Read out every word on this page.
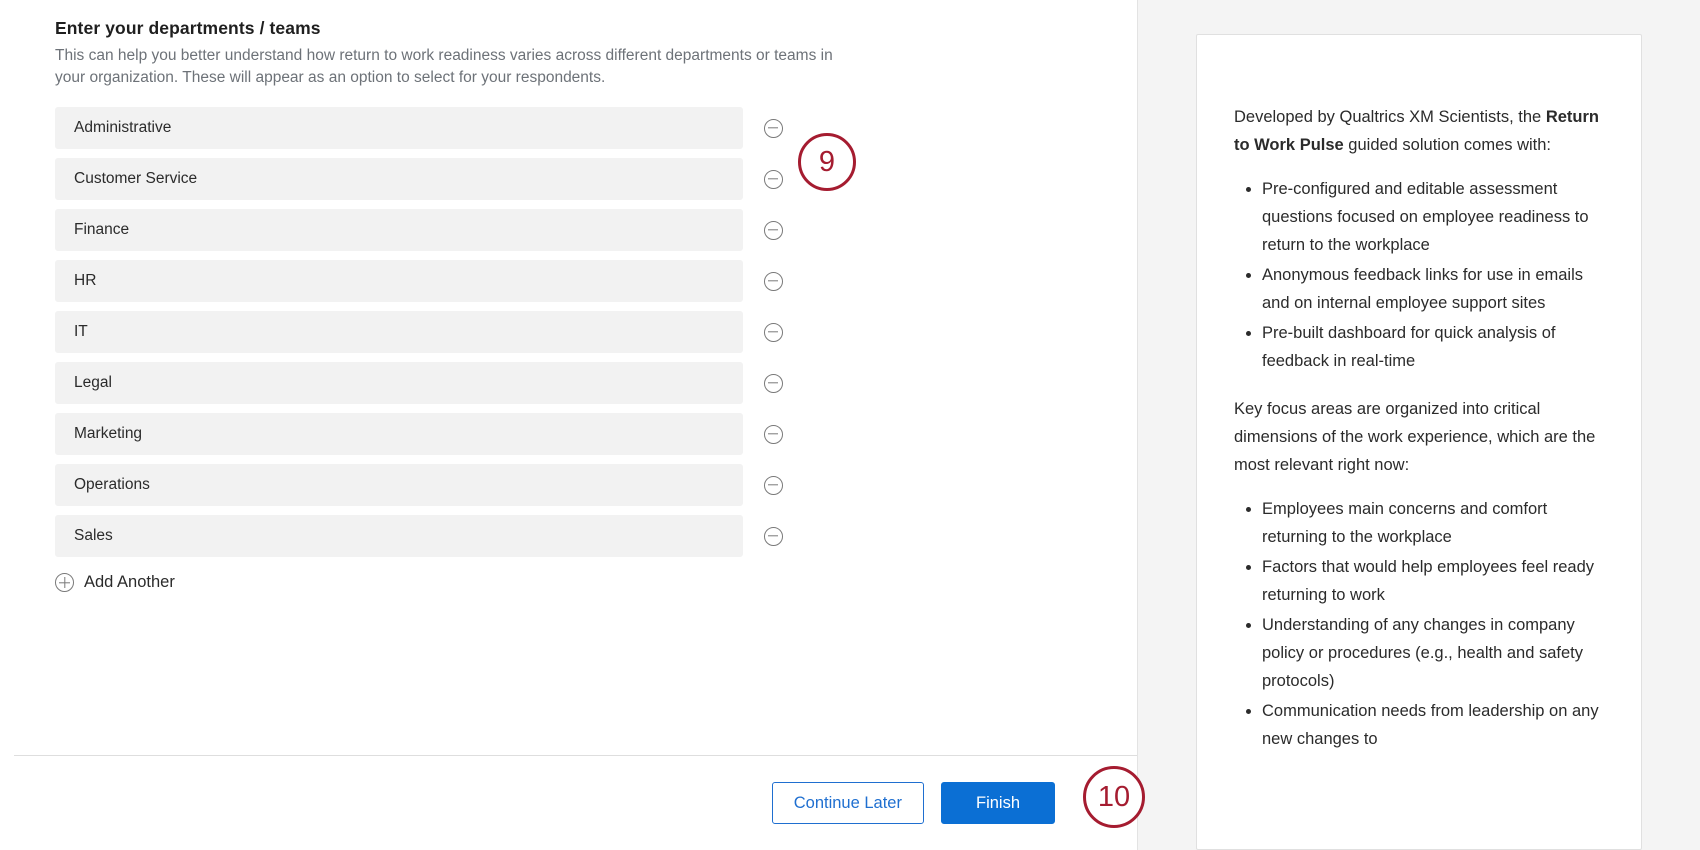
Enter your departments / teams

This can help you better understand how return to work readiness varies across different departments or teams in your organization. These will appear as an option to select for your respondents.

Administrative
Customer Service
Finance
HR
IT
Legal
Marketing
Operations
Sales
Add Another
Continue Later	Finish

Developed by Qualtrics XM Scientists, the Return to Work Pulse guided solution comes with:

• Pre-configured and editable assessment questions focused on employee readiness to return to the workplace
• Anonymous feedback links for use in emails and on internal employee support sites
• Pre-built dashboard for quick analysis of feedback in real-time

Key focus areas are organized into critical dimensions of the work experience, which are the most relevant right now:

• Employees main concerns and comfort returning to the workplace
• Factors that would help employees feel ready returning to work
• Understanding of any changes in company policy or procedures (e.g., health and safety protocols)
• Communication needs from leadership on any new changes to
9
10
